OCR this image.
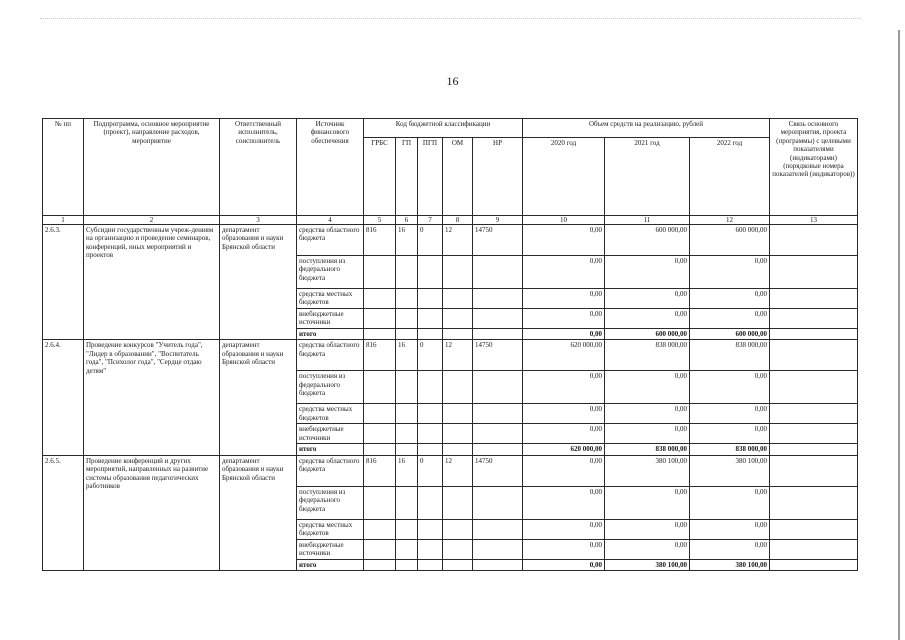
16
№ пп	Подпрограмма, основное мероприятие (проект), направление расходов, мероприятие	Ответственный исполнитель, соисполнитель	Источник финансового обеспечения	Код бюджетной классификации					Объем средств на реализацию, рублей			Связь основного мероприятия, проекта (программы) с целевыми показателями (индикаторами) (порядковые номера показателей (индикаторов))
				ГРБС	ГП	ПГП	ОМ	НР	2020 год	2021 год	2022 год	
1	2	3	4	5	6	7	8	9	10	11	12	13
2.6.3.	Субсидии государственным учреж-дениям на организацию и проведение семинаров, конференций, иных мероприятий и проектов	департамент образования и науки Брянской области	средства областного бюджета	816	16	0	12	14750	0,00	600 000,00	600 000,00	
			поступления из федерального бюджета						0,00	0,00	0,00	
			средства местных бюджетов						0,00	0,00	0,00	
			внебюджетные источники						0,00	0,00	0,00	
			итого						0,00	600 000,00	600 000,00	
2.6.4.	Проведение конкурсов "Учитель года", "Лидер в образовании", "Воспитатель года", "Психолог года", "Сердце отдаю детям"	департамент образования и науки Брянской области	средства областного бюджета	816	16	0	12	14750	620 000,00	838 000,00	838 000,00	
			поступления из федерального бюджета						0,00	0,00	0,00	
			средства местных бюджетов						0,00	0,00	0,00	
			внебюджетные источники						0,00	0,00	0,00	
			итого						620 000,00	838 000,00	838 000,00	
2.6.5.	Проведение конференций и других мероприятий, направленных на развитие системы образования педагогических работников	департамент образования и науки Брянской области	средства областного бюджета	816	16	0	12	14750	0,00	380 100,00	380 100,00	
			поступления из федерального бюджета						0,00	0,00	0,00	
			средства местных бюджетов						0,00	0,00	0,00	
			внебюджетные источники						0,00	0,00	0,00	
			итого						0,00	380 100,00	380 100,00	
